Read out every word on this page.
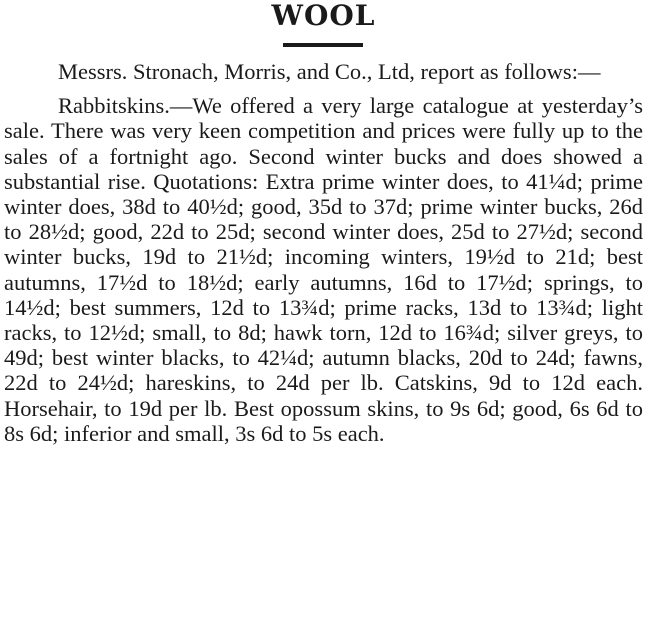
WOOL

Messrs. Stronach, Morris, and Co., Ltd, report as follows:—

Rabbitskins.—We offered a very large catalogue at yesterday’s sale. There was very keen competition and prices were fully up to the sales of a fortnight ago. Second winter bucks and does showed a substantial rise. Quotations: Extra prime winter does, to 41¼d; prime winter does, 38d to 40½d; good, 35d to 37d; prime winter bucks, 26d to 28½d; good, 22d to 25d; second winter does, 25d to 27½d; second winter bucks, 19d to 21½d; incoming winters, 19½d to 21d; best autumns, 17½d to 18½d; early autumns, 16d to 17½d; springs, to 14½d; best summers, 12d to 13¾d; prime racks, 13d to 13¾d; light racks, to 12½d; small, to 8d; hawk torn, 12d to 16¾d; silver greys, to 49d; best winter blacks, to 42¼d; autumn blacks, 20d to 24d; fawns, 22d to 24½d; hareskins, to 24d per lb. Catskins, 9d to 12d each. Horsehair, to 19d per lb. Best opossum skins, to 9s 6d; good, 6s 6d to 8s 6d; inferior and small, 3s 6d to 5s each.
